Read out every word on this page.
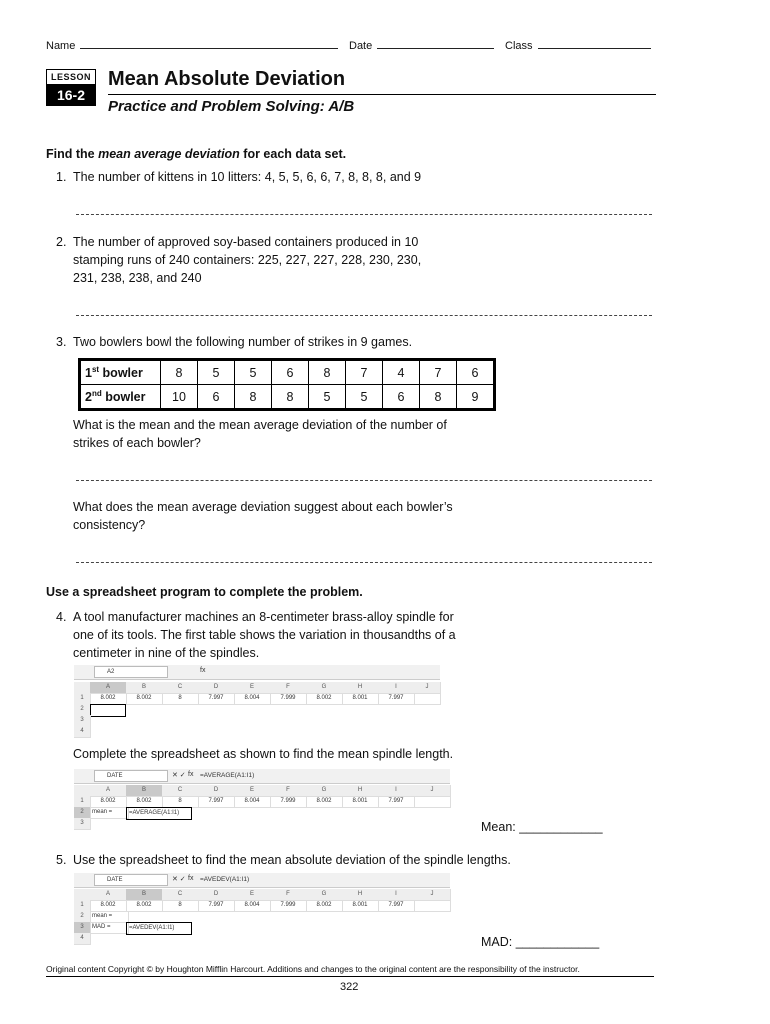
Name	Date	Class
LESSON
16-2
Mean Absolute Deviation
Practice and Problem Solving: A/B
Find the mean average deviation for each data set.
1. The number of kittens in 10 litters: 4, 5, 5, 6, 6, 7, 8, 8, 8, and 9
2. The number of approved soy-based containers produced in 10
stamping runs of 240 containers: 225, 227, 227, 228, 230, 230,
231, 238, 238, and 240
3. Two bowlers bowl the following number of strikes in 9 games.
1st bowler	8	5	5	6	8	7	4	7	6
2nd bowler	10	6	8	8	5	5	6	8	9
What is the mean and the mean average deviation of the number of
strikes of each bowler?
What does the mean average deviation suggest about each bowler’s
consistency?
Use a spreadsheet program to complete the problem.
4. A tool manufacturer machines an 8-centimeter brass-alloy spindle for
one of its tools. The first table shows the variation in thousandths of a
centimeter in nine of the spindles.
A2	fx
A	B	C	D	E	F	G	H	I	J
1	8.002	8.002	8	7.997	8.004	7.999	8.002	8.001	7.997
2
3
4
Complete the spreadsheet as shown to find the mean spindle length.
DATE	✕ ✓ fx =AVERAGE(A1:I1)
A	B	C	D	E	F	G	H	I	J
1	8.002	8.002	8	7.997	8.004	7.999	8.002	8.001	7.997
2	mean =	=AVERAGE(A1:I1)
3	Mean: ____________
5. Use the spreadsheet to find the mean absolute deviation of the spindle lengths.
DATE	✕ ✓ fx =AVEDEV(A1:I1)
A	B	C	D	E	F	G	H	I	J
1	8.002	8.002	8	7.997	8.004	7.999	8.002	8.001	7.997
2	mean =
3	MAD =	=AVEDEV(A1:I1)
4	MAD: ____________
Original content Copyright © by Houghton Mifflin Harcourt. Additions and changes to the original content are the responsibility of the instructor.
322
